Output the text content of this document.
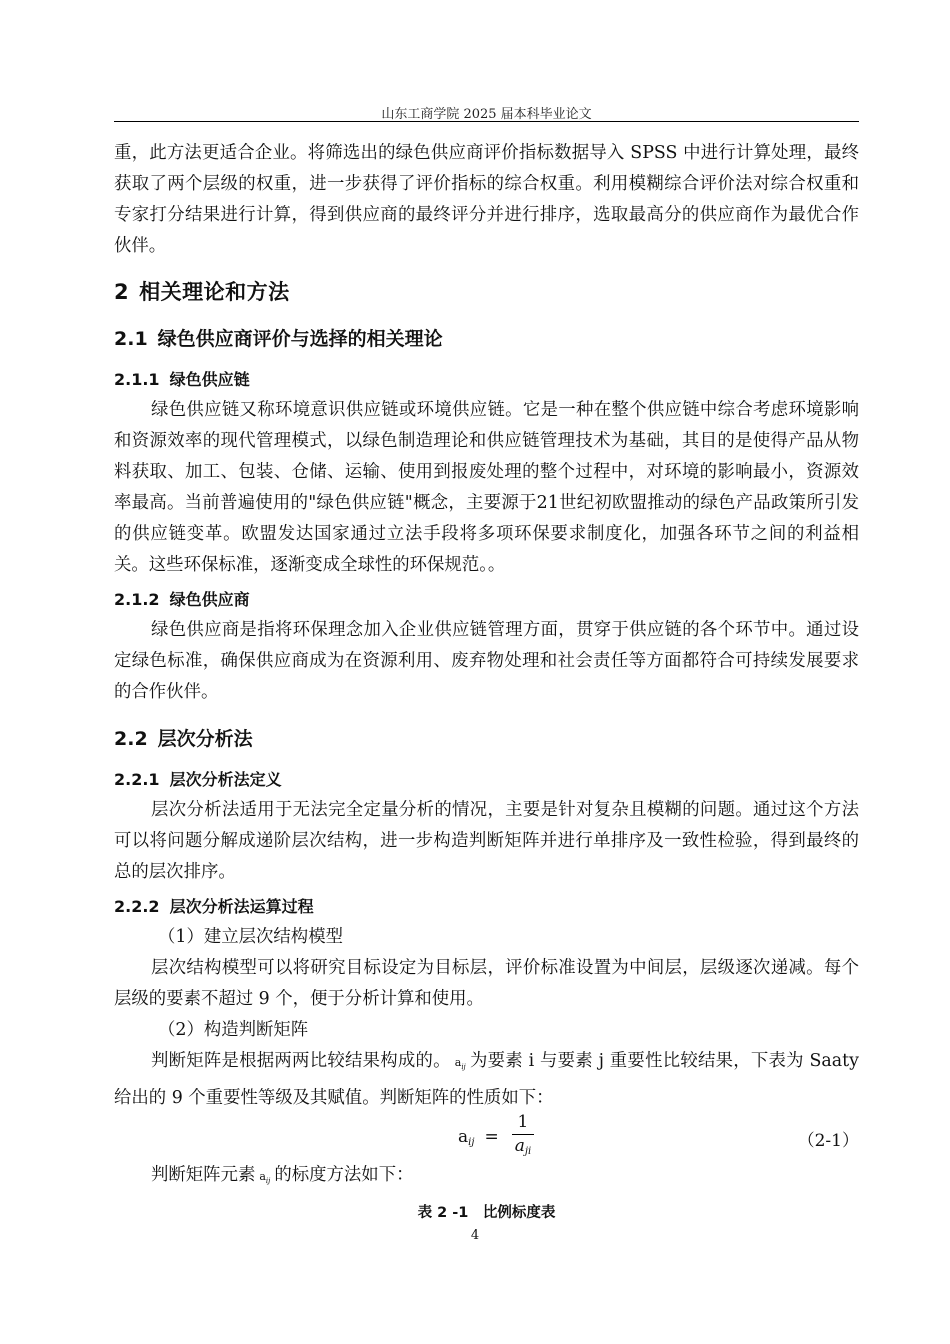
山东工商学院 2025 届本科毕业论文

重，此方法更适合企业。将筛选出的绿色供应商评价指标数据导入 SPSS 中进行计算处理，最终获取了两个层级的权重，进一步获得了评价指标的综合权重。利用模糊综合评价法对综合权重和专家打分结果进行计算，得到供应商的最终评分并进行排序，选取最高分的供应商作为最优合作伙伴。

2 相关理论和方法
2.1 绿色供应商评价与选择的相关理论
2.1.1 绿色供应链

绿色供应链又称环境意识供应链或环境供应链。它是一种在整个供应链中综合考虑环境影响和资源效率的现代管理模式，以绿色制造理论和供应链管理技术为基础，其目的是使得产品从物料获取、加工、包装、仓储、运输、使用到报废处理的整个过程中，对环境的影响最小，资源效率最高。当前普遍使用的"绿色供应链"概念，主要源于21世纪初欧盟推动的绿色产品政策所引发的供应链变革。欧盟发达国家通过立法手段将多项环保要求制度化，加强各环节之间的利益相关。这些环保标准，逐渐变成全球性的环保规范。。

2.1.2 绿色供应商

绿色供应商是指将环保理念加入企业供应链管理方面，贯穿于供应链的各个环节中。通过设定绿色标准，确保供应商成为在资源利用、废弃物处理和社会责任等方面都符合可持续发展要求的合作伙伴。

2.2 层次分析法
2.2.1 层次分析法定义

层次分析法适用于无法完全定量分析的情况，主要是针对复杂且模糊的问题。通过这个方法可以将问题分解成递阶层次结构，进一步构造判断矩阵并进行单排序及一致性检验，得到最终的总的层次排序。

2.2.2 层次分析法运算过程

（1）建立层次结构模型

层次结构模型可以将研究目标设定为目标层，评价标准设置为中间层，层级逐次递减。每个层级的要素不超过 9 个，便于分析计算和使用。

（2）构造判断矩阵

判断矩阵是根据两两比较结果构成的。 $a_{ij}$ 为要素 i 与要素 j 重要性比较结果，下表为 Saaty 给出的 9 个重要性等级及其赋值。判断矩阵的性质如下：

$a_{ij} = \frac{1}{a_{ji}}$	（2-1）

判断矩阵元素 $a_{ij}$ 的标度方法如下：

表 2 -1　比例标度表
4
